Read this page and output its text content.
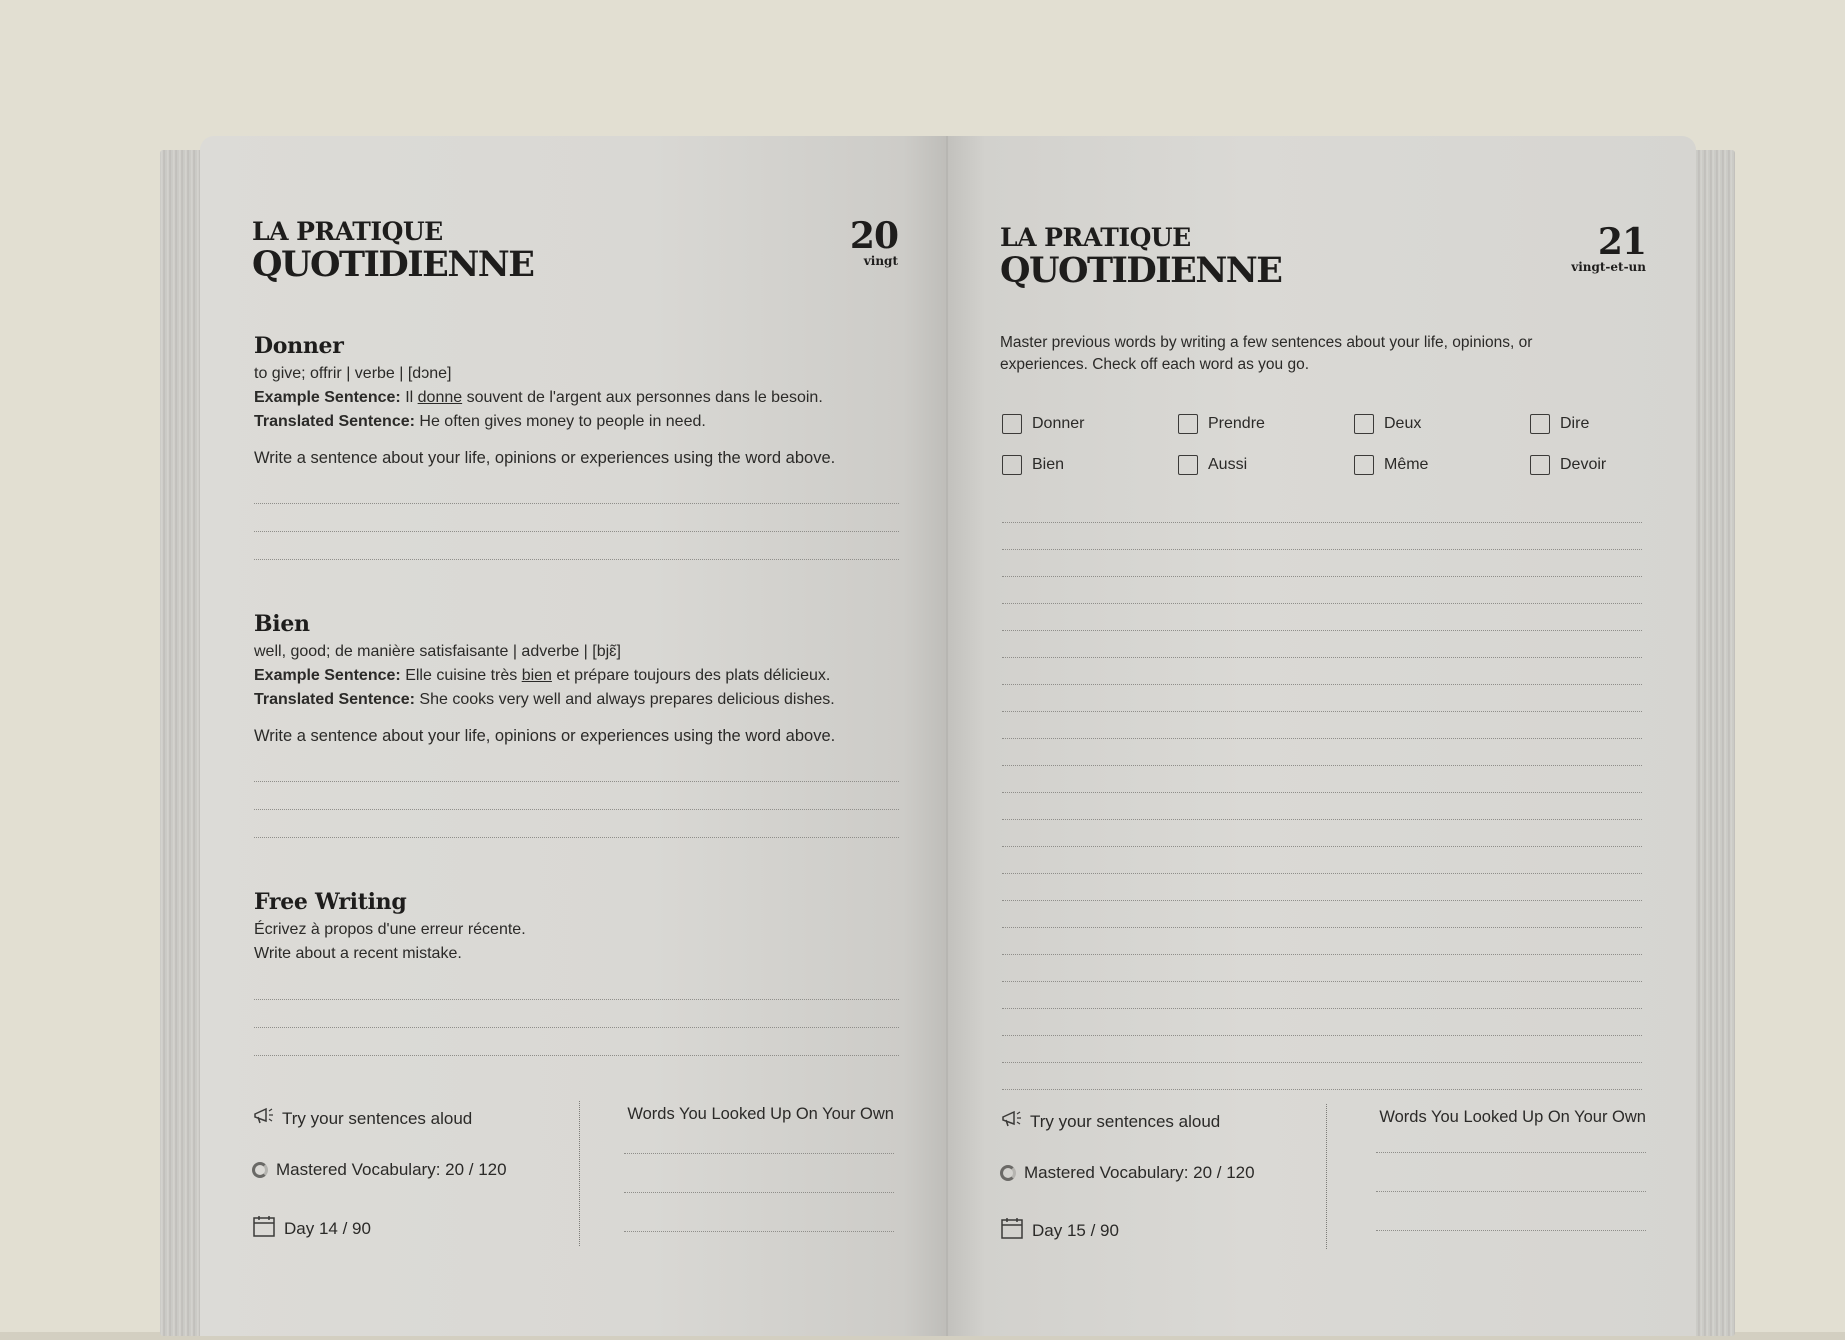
LA PRATIQUE
QUOTIDIENNE
20
vingt
Donner
to give; offrir | verbe | [dɔne]
Example Sentence: Il donne souvent de l'argent aux personnes dans le besoin.
Translated Sentence: He often gives money to people in need.
Write a sentence about your life, opinions or experiences using the word above.
Bien
well, good; de manière satisfaisante | adverbe | [bjɛ̃]
Example Sentence: Elle cuisine très bien et prépare toujours des plats délicieux.
Translated Sentence: She cooks very well and always prepares delicious dishes.
Write a sentence about your life, opinions or experiences using the word above.
Free Writing
Écrivez à propos d'une erreur récente.
Write about a recent mistake.
Try your sentences aloud
Mastered Vocabulary: 20 / 120
Day 14 / 90
Words You Looked Up On Your Own
LA PRATIQUE
QUOTIDIENNE
21
vingt-et-un
Master previous words by writing a few sentences about your life, opinions, or experiences. Check off each word as you go.
Donner	Prendre	Deux	Dire
Bien	Aussi	Même	Devoir
Try your sentences aloud
Mastered Vocabulary: 20 / 120
Day 15 / 90
Words You Looked Up On Your Own
